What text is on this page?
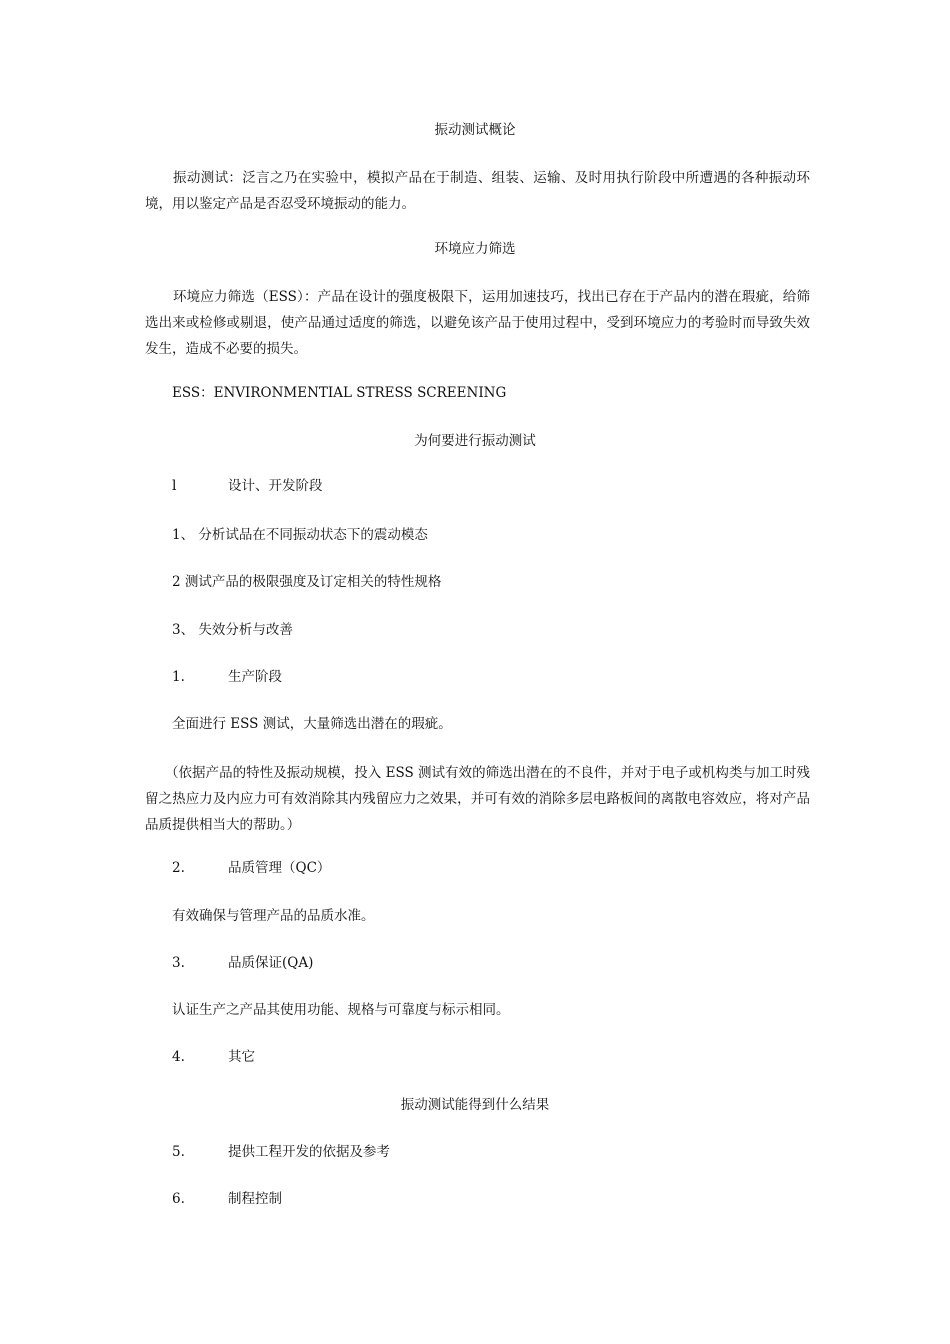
振动测试概论
振动测试：泛言之乃在实验中，模拟产品在于制造、组装、运输、及时用执行阶段中所遭遇的各种振动环境，用以鉴定产品是否忍受环境振动的能力。
环境应力筛选
环境应力筛选（ESS）：产品在设计的强度极限下，运用加速技巧，找出已存在于产品内的潜在瑕疵，给筛选出来或检修或剔退，使产品通过适度的筛选，以避免该产品于使用过程中，受到环境应力的考验时而导致失效发生，造成不必要的损失。
ESS：ENVIRONMENTIAL STRESS SCREENING
为何要进行振动测试
l	设计、开发阶段
1、 分析试品在不同振动状态下的震动模态
2 测试产品的极限强度及订定相关的特性规格
3、 失效分析与改善
1.	生产阶段
全面进行 ESS 测试，大量筛选出潜在的瑕疵。
（依据产品的特性及振动规模，投入 ESS 测试有效的筛选出潜在的不良件，并对于电子或机构类与加工时残留之热应力及内应力可有效消除其内残留应力之效果，并可有效的消除多层电路板间的离散电容效应，将对产品品质提供相当大的帮助。）
2.	品质管理（QC）
有效确保与管理产品的品质水准。
3.	品质保证(QA)
认证生产之产品其使用功能、规格与可靠度与标示相同。
4.	其它
振动测试能得到什么结果
5.	提供工程开发的依据及参考
6.	制程控制
